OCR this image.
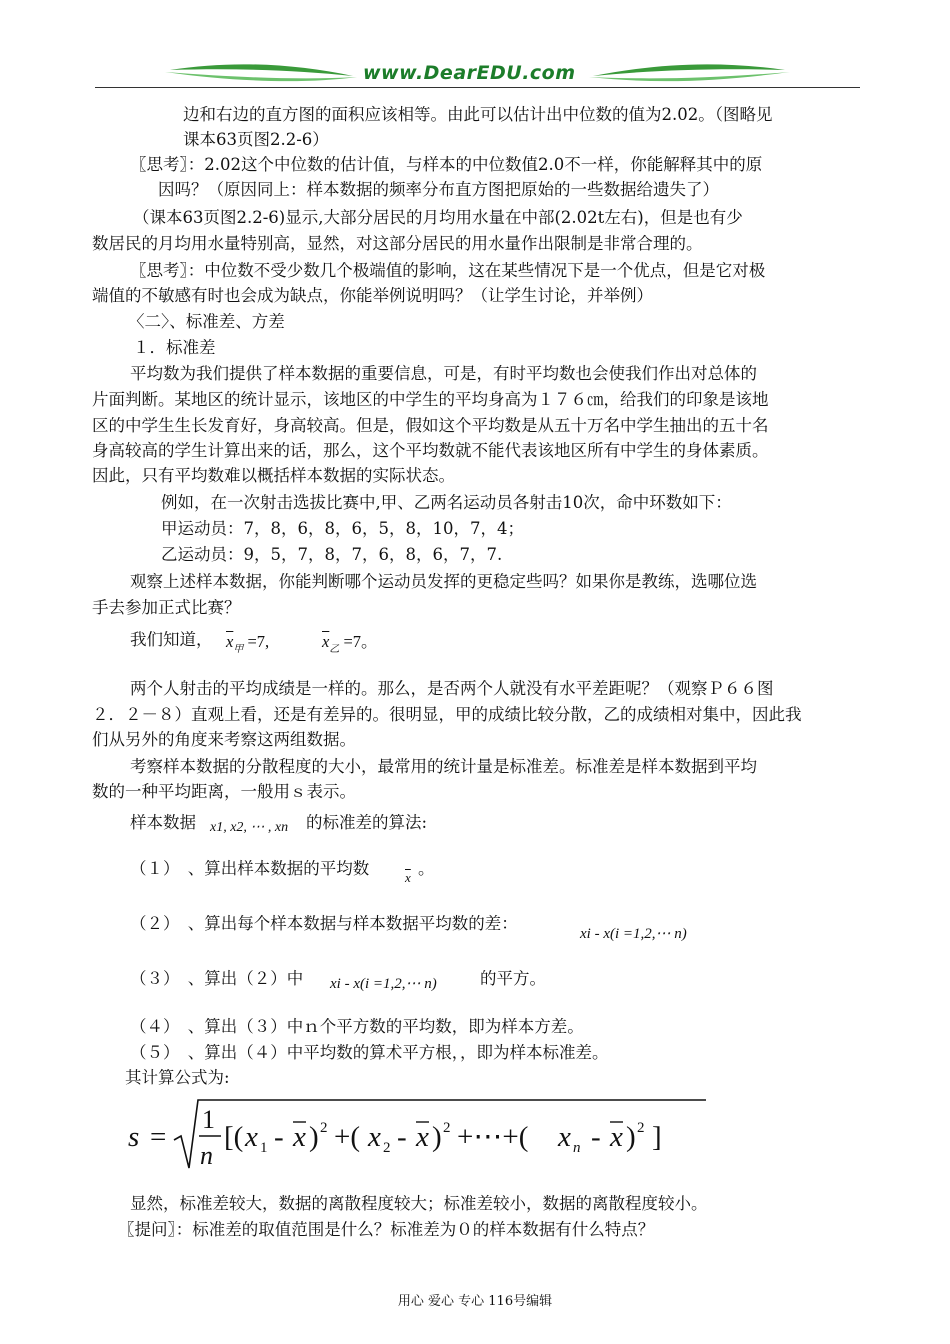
www.DearEDU.com
边和右边的直方图的面积应该相等。由此可以估计出中位数的值为2.02。（图略见
课本63页图2.2-6）
〖思考〗：2.02这个中位数的估计值，与样本的中位数值2.0不一样，你能解释其中的原
因吗？（原因同上：样本数据的频率分布直方图把原始的一些数据给遗失了）
（课本63页图2.2-6)显示,大部分居民的月均用水量在中部(2.02t左右)，但是也有少
数居民的月均用水量特别高，显然，对这部分居民的用水量作出限制是非常合理的。
〖思考〗：中位数不受少数几个极端值的影响，这在某些情况下是一个优点，但是它对极
端值的不敏感有时也会成为缺点，你能举例说明吗？（让学生讨论，并举例）
〈二〉、标准差、方差
１．标准差
平均数为我们提供了样本数据的重要信息，可是，有时平均数也会使我们作出对总体的
片面判断。某地区的统计显示，该地区的中学生的平均身高为１７６㎝，给我们的印象是该地
区的中学生生长发育好，身高较高。但是，假如这个平均数是从五十万名中学生抽出的五十名
身高较高的学生计算出来的话，那么，这个平均数就不能代表该地区所有中学生的身体素质。
因此，只有平均数难以概括样本数据的实际状态。
例如，在一次射击选拔比赛中,甲、乙两名运动员各射击10次，命中环数如下：
甲运动员：7，8，6，8，6，5，8，10，7，4；
乙运动员：9，5，7，8，7，6，8，6，7，7.
观察上述样本数据，你能判断哪个运动员发挥的更稳定些吗？如果你是教练，选哪位选
手去参加正式比赛？
我们知道， $\overline{x}_甲 =7$,	$\overline{x}_乙 =7$。
两个人射击的平均成绩是一样的。那么，是否两个人就没有水平差距呢？（观察Ｐ６６图
２．２－８）直观上看，还是有差异的。很明显，甲的成绩比较分散，乙的成绩相对集中，因此我
们从另外的角度来考察这两组数据。
考察样本数据的分散程度的大小，最常用的统计量是标准差。标准差是样本数据到平均
数的一种平均距离，一般用ｓ表示。
样本数据 x1, x2, ⋯ , xn 的标准差的算法:
（１）　、算出样本数据的平均数	$\overline{x}$ 。
（２）　、算出每个样本数据与样本数据平均数的差：
xi - x(i =1,2,⋯ n)
（３）　、算出（２）中 xi - x(i =1,2,⋯ n)	的平方。
（４）　、算出（３）中ｎ个平方数的平均数，即为样本方差。
（５）　、算出（４）中平均数的算术平方根，，即为样本标准差。
其计算公式为:
s =
1
n
[( x 1 - x ) 2 +( x 2 - x ) 2 +⋯+( x n - x ) 2 ]
显然，标准差较大，数据的离散程度较大；标准差较小，数据的离散程度较小。
〖提问〗：标准差的取值范围是什么？标准差为０的样本数据有什么特点？
用心 爱心 专心 116号编辑
